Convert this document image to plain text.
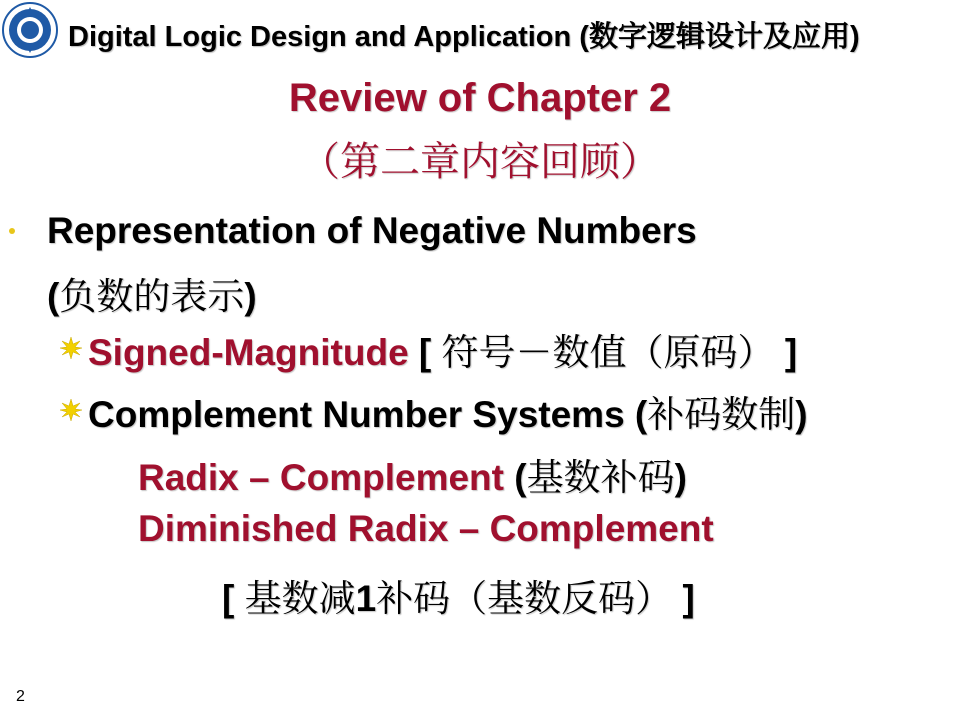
Digital Logic Design and Application (数字逻辑设计及应用)
Review of Chapter 2
（第二章内容回顾）
Representation of Negative Numbers
(负数的表示)
Signed-Magnitude [ 符号－数值（原码） ]
Complement Number Systems (补码数制)
Radix – Complement (基数补码)
Diminished Radix – Complement
[ 基数减1补码（基数反码） ]
2
